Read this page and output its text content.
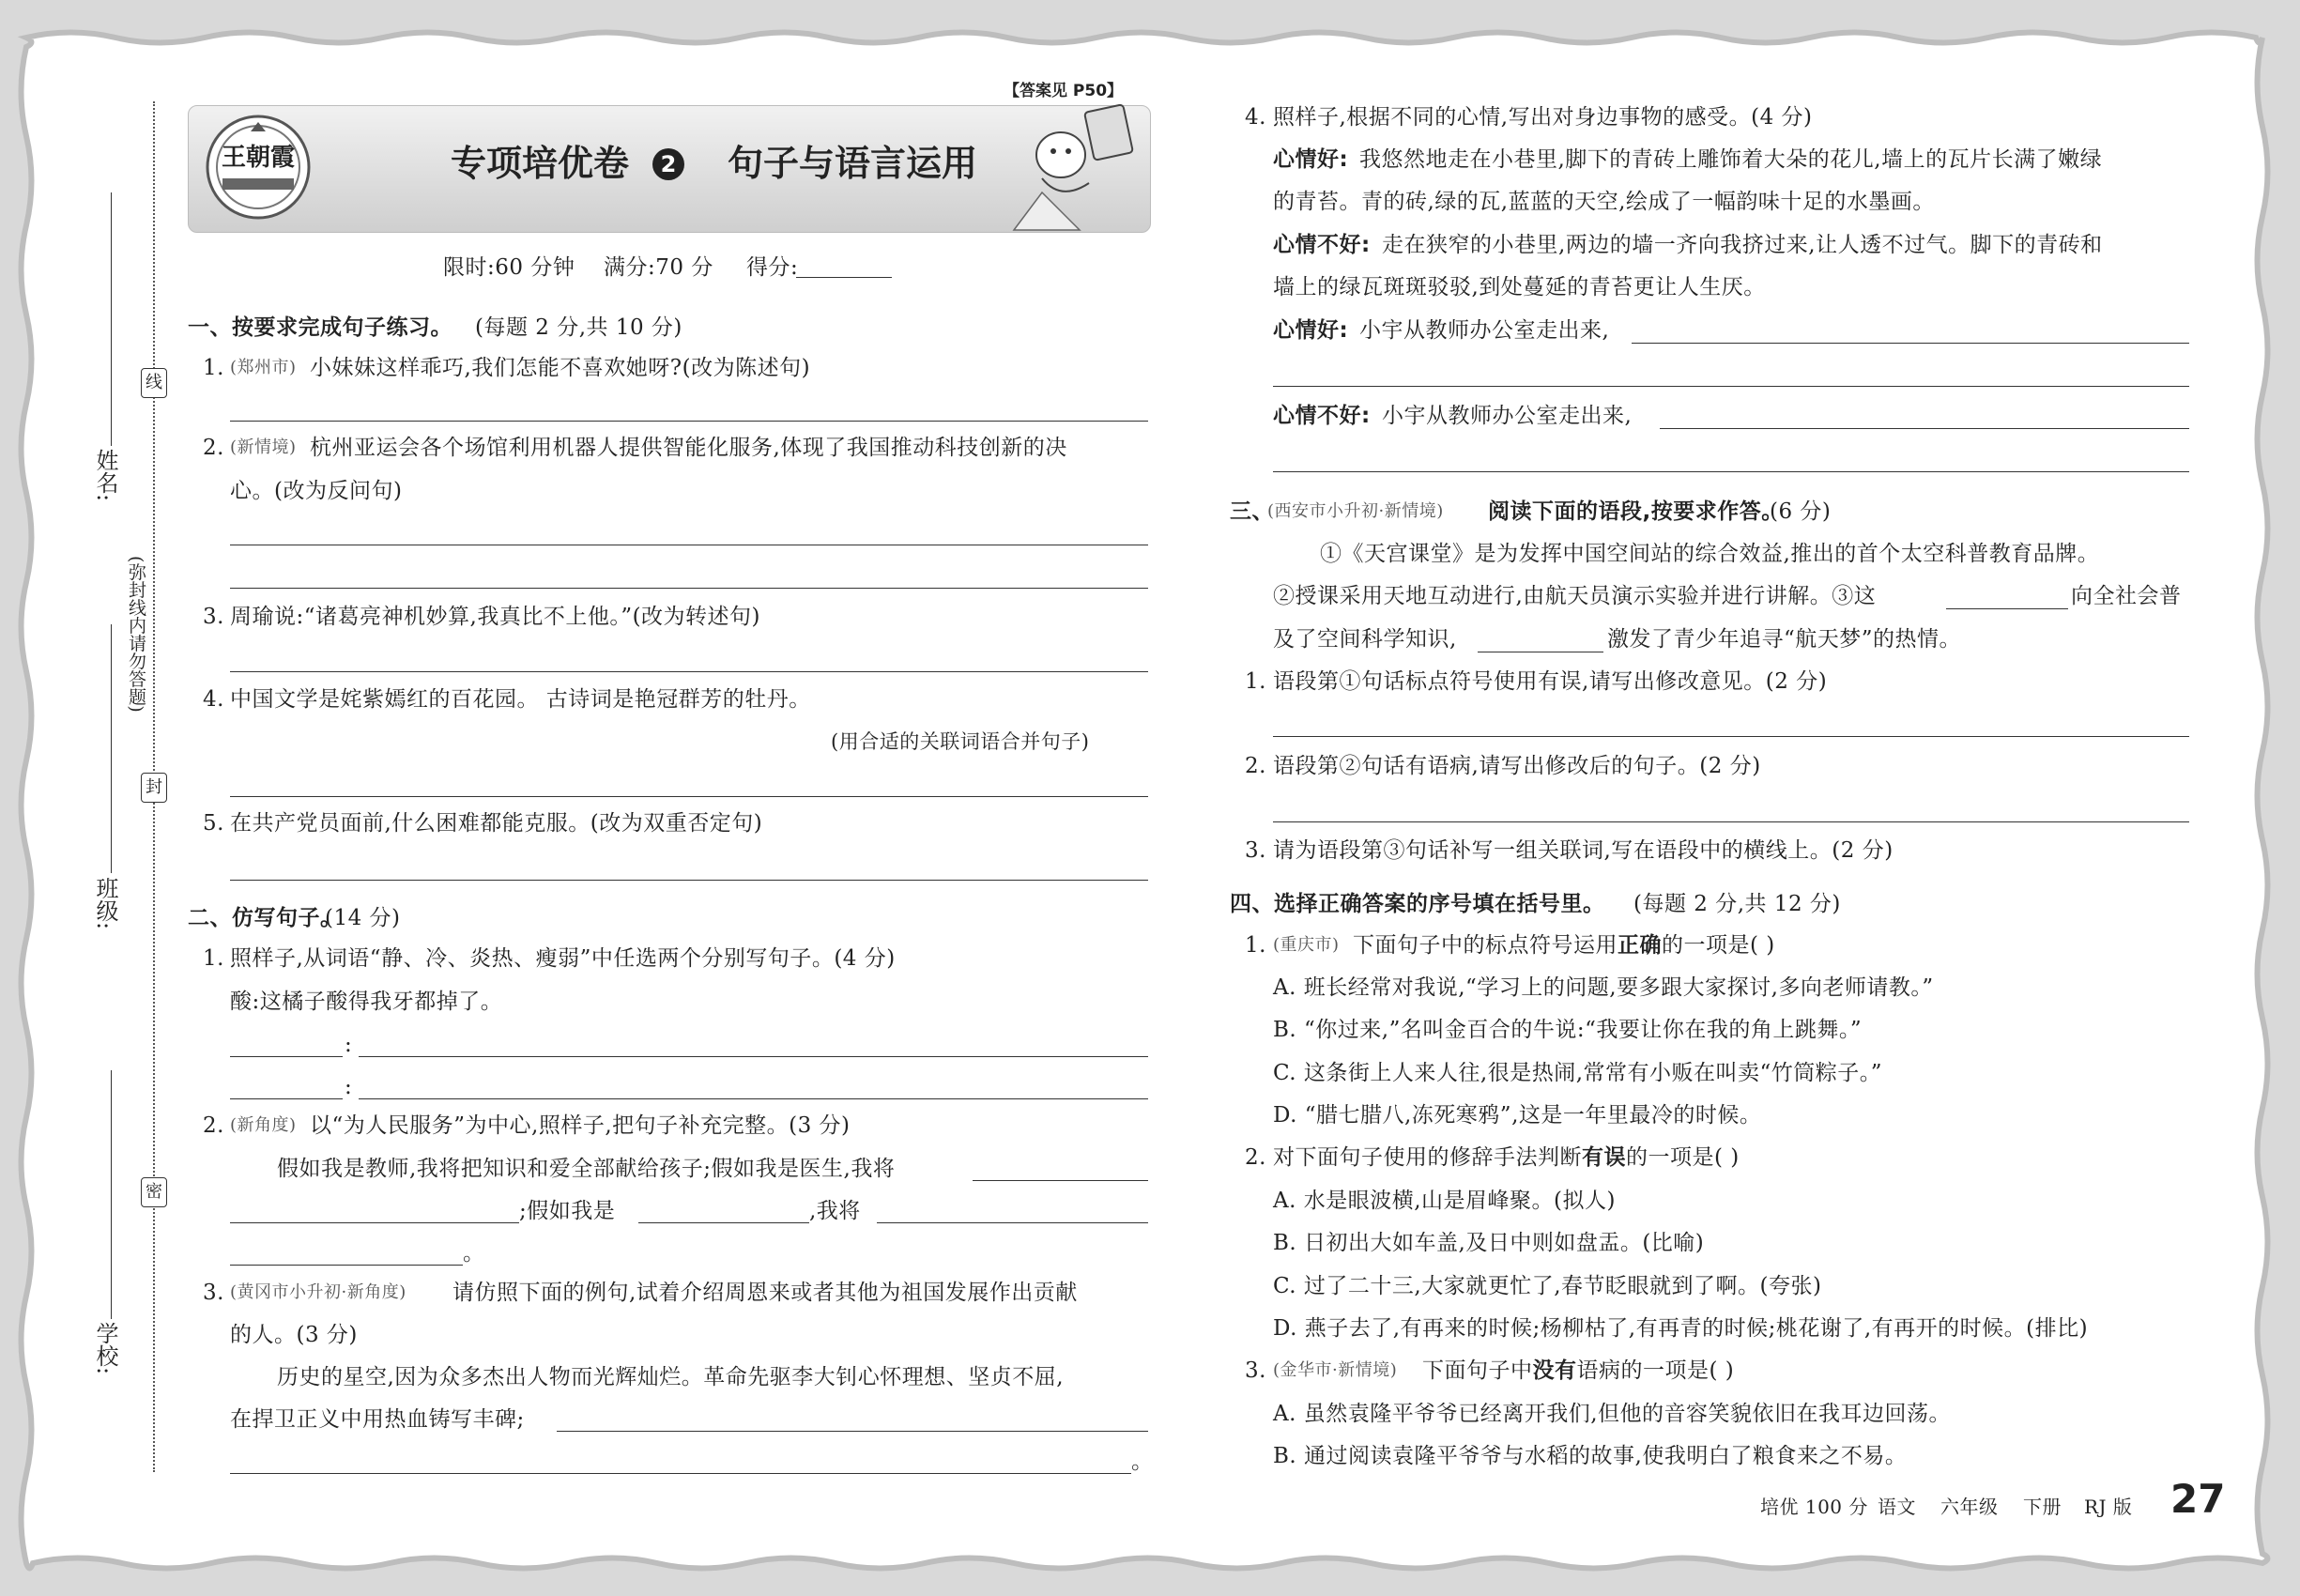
姓名:
班级:
学校:
(弥封线内请勿答题)
线
封
密
【答案见 P50】
王朝霞	专项培优卷	2 句子与语言运用
限时:60 分钟 满分:70 分 得分:
一、按要求完成句子练习。 (每题 2 分,共 10 分)
1. (郑州市) 小妹妹这样乖巧,我们怎能不喜欢她呀?(改为陈述句)
2. (新情境) 杭州亚运会各个场馆利用机器人提供智能化服务,体现了我国推动科技创新的决
心。(改为反问句)
3. 周瑜说:“诸葛亮神机妙算,我真比不上他。”(改为转述句)
4. 中国文学是姹紫嫣红的百花园。 古诗词是艳冠群芳的牡丹。
(用合适的关联词语合并句子)
5. 在共产党员面前,什么困难都能克服。(改为双重否定句)
二、仿写句子。
(14 分)
1. 照样子,从词语“静、冷、炎热、瘦弱”中任选两个分别写句子。(4 分)
酸:这橘子酸得我牙都掉了。
:
:
2. (新角度) 以“为人民服务”为中心,照样子,把句子补充完整。(3 分)
假如我是教师,我将把知识和爱全部献给孩子;假如我是医生,我将
;假如我是	,我将
。
3. (黄冈市小升初·新角度) 请仿照下面的例句,试着介绍周恩来或者其他为祖国发展作出贡献
的人。(3 分)
历史的星空,因为众多杰出人物而光辉灿烂。革命先驱李大钊心怀理想、坚贞不屈,
在捍卫正义中用热血铸写丰碑;
。
4. 照样子,根据不同的心情,写出对身边事物的感受。(4 分)
心情好: 我悠然地走在小巷里,脚下的青砖上雕饰着大朵的花儿,墙上的瓦片长满了嫩绿
的青苔。青的砖,绿的瓦,蓝蓝的天空,绘成了一幅韵味十足的水墨画。
心情不好: 走在狭窄的小巷里,两边的墙一齐向我挤过来,让人透不过气。脚下的青砖和
墙上的绿瓦斑斑驳驳,到处蔓延的青苔更让人生厌。
心情好: 小宇从教师办公室走出来,
心情不好: 小宇从教师办公室走出来,
三、
(西安市小升初·新情境) 阅读下面的语段,按要求作答。
(6 分)
①《天宫课堂》是为发挥中国空间站的综合效益,推出的首个太空科普教育品牌。
②授课采用天地互动进行,由航天员演示实验并进行讲解。③这	向全社会普
及了空间科学知识,	激发了青少年追寻“航天梦”的热情。
1. 语段第①句话标点符号使用有误,请写出修改意见。(2 分)
2. 语段第②句话有语病,请写出修改后的句子。(2 分)
3. 请为语段第③句话补写一组关联词,写在语段中的横线上。(2 分)
四、选择正确答案的序号填在括号里。 (每题 2 分,共 12 分)
1. (重庆市) 下面句子中的标点符号运用正确的一项是( )
A. 班长经常对我说,“学习上的问题,要多跟大家探讨,多向老师请教。”
B. “你过来,”名叫金百合的牛说:“我要让你在我的角上跳舞。”
C. 这条街上人来人往,很是热闹,常常有小贩在叫卖“竹筒粽子。”
D. “腊七腊八,冻死寒鸦”,这是一年里最冷的时候。
2. 对下面句子使用的修辞手法判断有误的一项是( )
A. 水是眼波横,山是眉峰聚。(拟人)
B. 日初出大如车盖,及日中则如盘盂。(比喻)
C. 过了二十三,大家就更忙了,春节眨眼就到了啊。(夸张)
D. 燕子去了,有再来的时候;杨柳枯了,有再青的时候;桃花谢了,有再开的时候。(排比)
3. (金华市·新情境) 下面句子中没有语病的一项是( )
A. 虽然袁隆平爷爷已经离开我们,但他的音容笑貌依旧在我耳边回荡。
B. 通过阅读袁隆平爷爷与水稻的故事,使我明白了粮食来之不易。
培优 100 分 语文 六年级 下册 RJ 版 27
